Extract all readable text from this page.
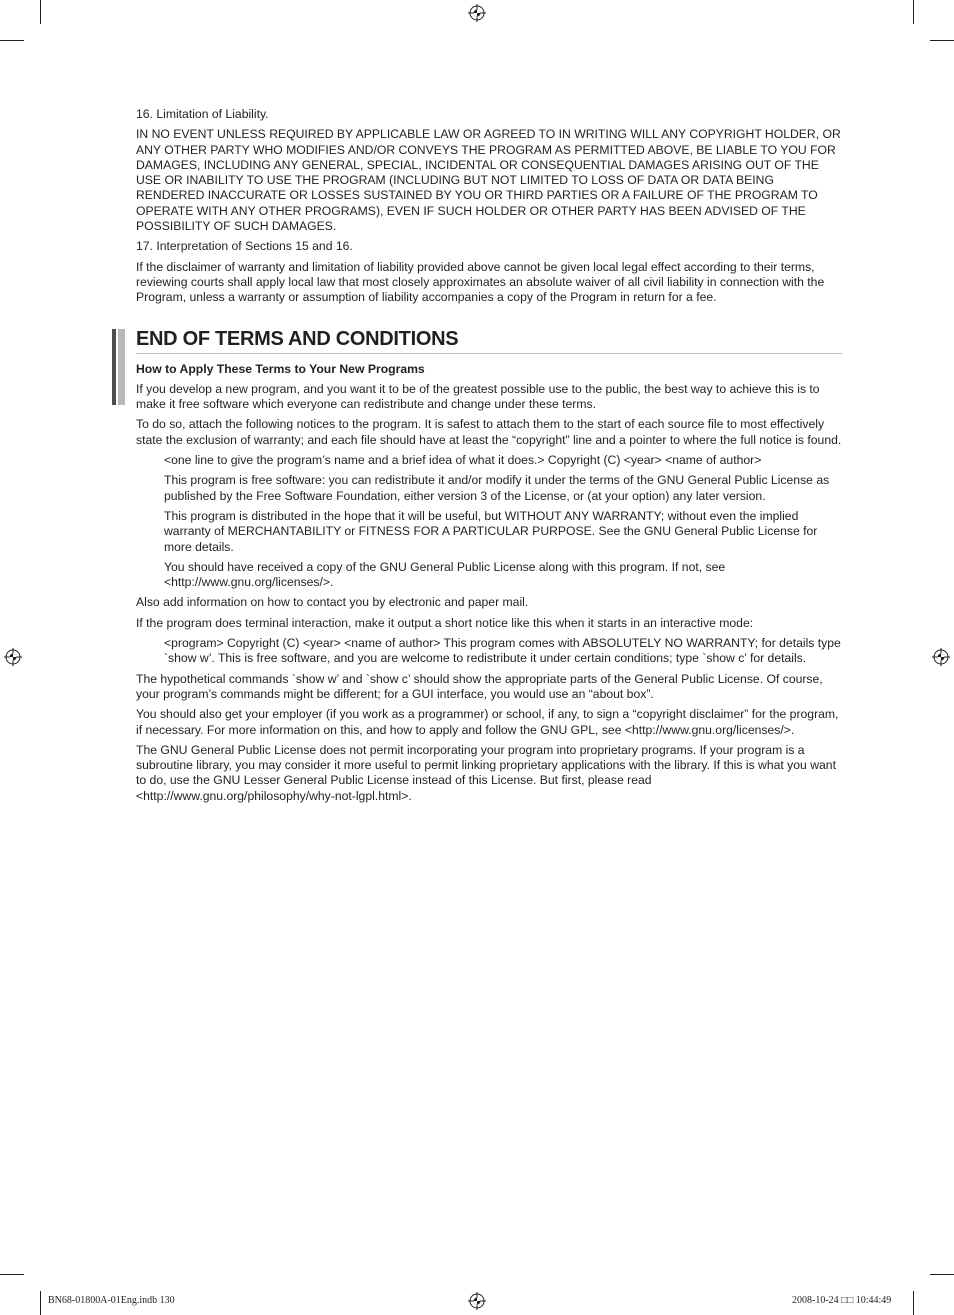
16. Limitation of Liability.

IN NO EVENT UNLESS REQUIRED BY APPLICABLE LAW OR AGREED TO IN WRITING WILL ANY COPYRIGHT HOLDER, OR ANY OTHER PARTY WHO MODIFIES AND/OR CONVEYS THE PROGRAM AS PERMITTED ABOVE, BE LIABLE TO YOU FOR DAMAGES, INCLUDING ANY GENERAL, SPECIAL, INCIDENTAL OR CONSEQUENTIAL DAMAGES ARISING OUT OF THE USE OR INABILITY TO USE THE PROGRAM (INCLUDING BUT NOT LIMITED TO LOSS OF DATA OR DATA BEING RENDERED INACCURATE OR LOSSES SUSTAINED BY YOU OR THIRD PARTIES OR A FAILURE OF THE PROGRAM TO OPERATE WITH ANY OTHER PROGRAMS), EVEN IF SUCH HOLDER OR OTHER PARTY HAS BEEN ADVISED OF THE POSSIBILITY OF SUCH DAMAGES.

17. Interpretation of Sections 15 and 16.

If the disclaimer of warranty and limitation of liability provided above cannot be given local legal effect according to their terms, reviewing courts shall apply local law that most closely approximates an absolute waiver of all civil liability in connection with the Program, unless a warranty or assumption of liability accompanies a copy of the Program in return for a fee.

END OF TERMS AND CONDITIONS

How to Apply These Terms to Your New Programs

If you develop a new program, and you want it to be of the greatest possible use to the public, the best way to achieve this is to make it free software which everyone can redistribute and change under these terms.

To do so, attach the following notices to the program. It is safest to attach them to the start of each source file to most effectively state the exclusion of warranty; and each file should have at least the “copyright” line and a pointer to where the full notice is found.

<one line to give the program’s name and a brief idea of what it does.> Copyright (C) <year> <name of author>

This program is free software: you can redistribute it and/or modify it under the terms of the GNU General Public License as published by the Free Software Foundation, either version 3 of the License, or (at your option) any later version.

This program is distributed in the hope that it will be useful, but WITHOUT ANY WARRANTY; without even the implied warranty of MERCHANTABILITY or FITNESS FOR A PARTICULAR PURPOSE. See the GNU General Public License for more details.

You should have received a copy of the GNU General Public License along with this program. If not, see <http://www.gnu.org/licenses/>.

Also add information on how to contact you by electronic and paper mail.

If the program does terminal interaction, make it output a short notice like this when it starts in an interactive mode:

<program> Copyright (C) <year> <name of author> This program comes with ABSOLUTELY NO WARRANTY; for details type `show w’. This is free software, and you are welcome to redistribute it under certain conditions; type `show c’ for details.

The hypothetical commands `show w’ and `show c’ should show the appropriate parts of the General Public License. Of course, your program’s commands might be different; for a GUI interface, you would use an “about box”.

You should also get your employer (if you work as a programmer) or school, if any, to sign a “copyright disclaimer” for the program, if necessary. For more information on this, and how to apply and follow the GNU GPL, see <http://www.gnu.org/licenses/>.

The GNU General Public License does not permit incorporating your program into proprietary programs. If your program is a subroutine library, you may consider it more useful to permit linking proprietary applications with the library. If this is what you want to do, use the GNU Lesser General Public License instead of this License. But first, please read <http://www.gnu.org/philosophy/why-not-lgpl.html>.

BN68-01800A-01Eng.indb 130	2008-10-24 □□ 10:44:49
